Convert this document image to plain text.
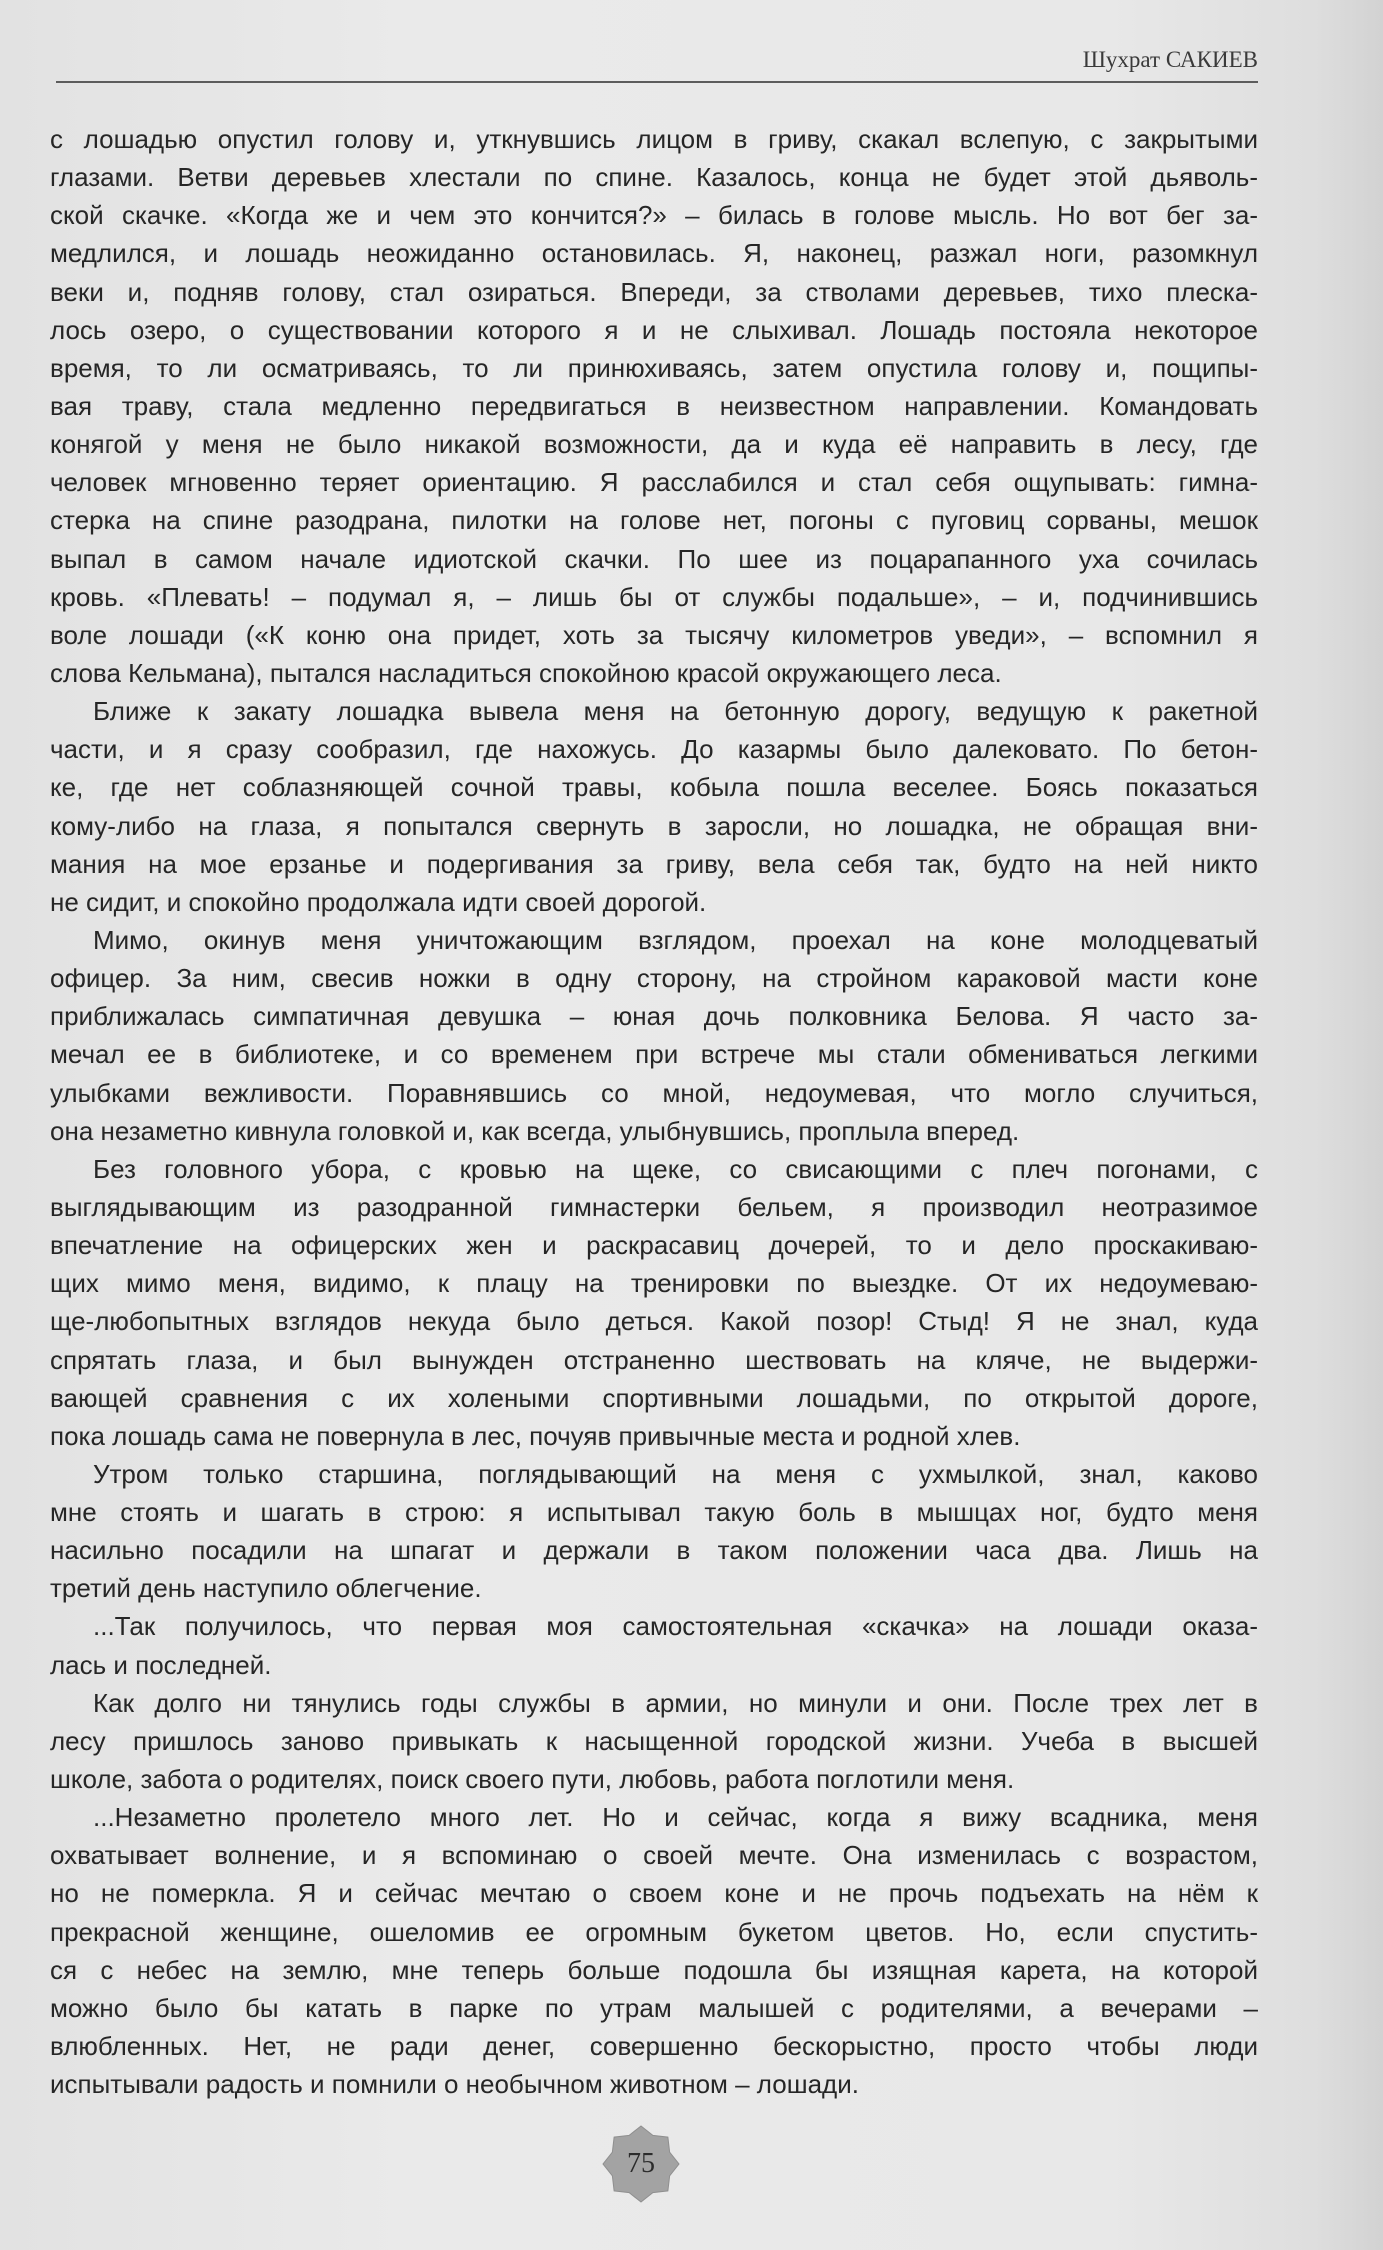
Шухрат САКИЕВ
с лошадью опустил голову и, уткнувшись лицом в гриву, скакал вслепую, с закрытыми
глазами. Ветви деревьев хлестали по спине. Казалось, конца не будет этой дьяволь-
ской скачке. «Когда же и чем это кончится?» – билась в голове мысль. Но вот бег за-
медлился, и лошадь неожиданно остановилась. Я, наконец, разжал ноги, разомкнул
веки и, подняв голову, стал озираться. Впереди, за стволами деревьев, тихо плеска-
лось озеро, о существовании которого я и не слыхивал. Лошадь постояла некоторое
время, то ли осматриваясь, то ли принюхиваясь, затем опустила голову и, пощипы-
вая траву, стала медленно передвигаться в неизвестном направлении. Командовать
конягой у меня не было никакой возможности, да и куда её направить в лесу, где
человек мгновенно теряет ориентацию. Я расслабился и стал себя ощупывать: гимна-
стерка на спине разодрана, пилотки на голове нет, погоны с пуговиц сорваны, мешок
выпал в самом начале идиотской скачки. По шее из поцарапанного уха сочилась
кровь. «Плевать! – подумал я, – лишь бы от службы подальше», – и, подчинившись
воле лошади («К коню она придет, хоть за тысячу километров уведи», – вспомнил я
слова Кельмана), пытался насладиться спокойною красой окружающего леса.
Ближе к закату лошадка вывела меня на бетонную дорогу, ведущую к ракетной
части, и я сразу сообразил, где нахожусь. До казармы было далековато. По бетон-
ке, где нет соблазняющей сочной травы, кобыла пошла веселее. Боясь показаться
кому-либо на глаза, я попытался свернуть в заросли, но лошадка, не обращая вни-
мания на мое ерзанье и подергивания за гриву, вела себя так, будто на ней никто
не сидит, и спокойно продолжала идти своей дорогой.
Мимо, окинув меня уничтожающим взглядом, проехал на коне молодцеватый
офицер. За ним, свесив ножки в одну сторону, на стройном караковой масти коне
приближалась симпатичная девушка – юная дочь полковника Белова. Я часто за-
мечал ее в библиотеке, и со временем при встрече мы стали обмениваться легкими
улыбками вежливости. Поравнявшись со мной, недоумевая, что могло случиться,
она незаметно кивнула головкой и, как всегда, улыбнувшись, проплыла вперед.
Без головного убора, с кровью на щеке, со свисающими с плеч погонами, с
выглядывающим из разодранной гимнастерки бельем, я производил неотразимое
впечатление на офицерских жен и раскрасавиц дочерей, то и дело проскакиваю-
щих мимо меня, видимо, к плацу на тренировки по выездке. От их недоумеваю-
ще-любопытных взглядов некуда было деться. Какой позор! Стыд! Я не знал, куда
спрятать глаза, и был вынужден отстраненно шествовать на кляче, не выдержи-
вающей сравнения с их холеными спортивными лошадьми, по открытой дороге,
пока лошадь сама не повернула в лес, почуяв привычные места и родной хлев.
Утром только старшина, поглядывающий на меня с ухмылкой, знал, каково
мне стоять и шагать в строю: я испытывал такую боль в мышцах ног, будто меня
насильно посадили на шпагат и держали в таком положении часа два. Лишь на
третий день наступило облегчение.
...Так получилось, что первая моя самостоятельная «скачка» на лошади оказа-
лась и последней.
Как долго ни тянулись годы службы в армии, но минули и они. После трех лет в
лесу пришлось заново привыкать к насыщенной городской жизни. Учеба в высшей
школе, забота о родителях, поиск своего пути, любовь, работа поглотили меня.
...Незаметно пролетело много лет. Но и сейчас, когда я вижу всадника, меня
охватывает волнение, и я вспоминаю о своей мечте. Она изменилась с возрастом,
но не померкла. Я и сейчас мечтаю о своем коне и не прочь подъехать на нём к
прекрасной женщине, ошеломив ее огромным букетом цветов. Но, если спустить-
ся с небес на землю, мне теперь больше подошла бы изящная карета, на которой
можно было бы катать в парке по утрам малышей с родителями, а вечерами –
влюбленных. Нет, не ради денег, совершенно бескорыстно, просто чтобы люди
испытывали радость и помнили о необычном животном – лошади.
75
